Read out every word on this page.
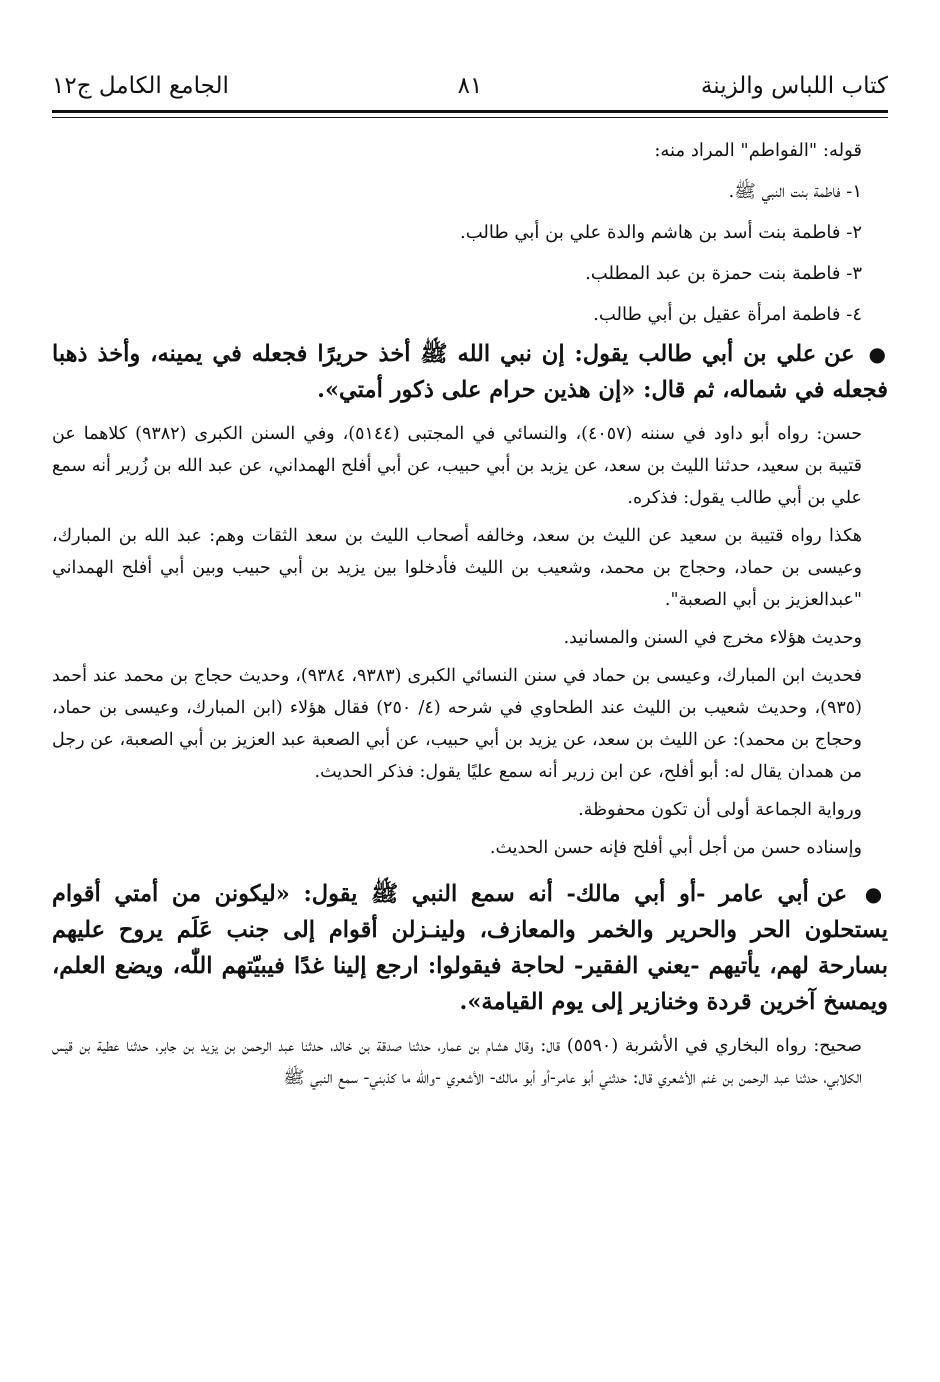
كتاب اللباس والزينة
٨١
الجامع الكامل ج١٢

قوله: "الفواطم" المراد منه:

١- فاطمة بنت النبي ﷺ.

٢- فاطمة بنت أسد بن هاشم والدة علي بن أبي طالب.

٣- فاطمة بنت حمزة بن عبد المطلب.

٤- فاطمة امرأة عقيل بن أبي طالب.

● عن علي بن أبي طالب يقول: إن نبي الله ﷺ أخذ حريرًا فجعله في يمينه، وأخذ ذهبا فجعله في شماله، ثم قال: «إن هذين حرام على ذكور أمتي».

حسن: رواه أبو داود في سننه (٤٠٥٧)، والنسائي في المجتبى (٥١٤٤)، وفي السنن الكبرى (٩٣٨٢) كلاهما عن قتيبة بن سعيد، حدثنا الليث بن سعد، عن يزيد بن أبي حبيب، عن أبي أفلح الهمداني، عن عبد الله بن زُرير أنه سمع علي بن أبي طالب يقول: فذكره.

هكذا رواه قتيبة بن سعيد عن الليث بن سعد، وخالفه أصحاب الليث بن سعد الثقات وهم: عبد الله بن المبارك، وعيسى بن حماد، وحجاج بن محمد، وشعيب بن الليث فأدخلوا بين يزيد بن أبي حبيب وبين أبي أفلح الهمداني "عبدالعزيز بن أبي الصعبة".

وحديث هؤلاء مخرج في السنن والمسانيد.

فحديث ابن المبارك، وعيسى بن حماد في سنن النسائي الكبرى (٩٣٨٣، ٩٣٨٤)، وحديث حجاج بن محمد عند أحمد (٩٣٥)، وحديث شعيب بن الليث عند الطحاوي في شرحه (٤/ ٢٥٠) فقال هؤلاء (ابن المبارك، وعيسى بن حماد، وحجاج بن محمد): عن الليث بن سعد، عن يزيد بن أبي حبيب، عن أبي الصعبة عبد العزيز بن أبي الصعبة، عن رجل من همدان يقال له: أبو أفلح، عن ابن زرير أنه سمع عليًا يقول: فذكر الحديث.

ورواية الجماعة أولى أن تكون محفوظة.

وإسناده حسن من أجل أبي أفلح فإنه حسن الحديث.

● عن أبي عامر -أو أبي مالك- أنه سمع النبي ﷺ يقول: «ليكونن من أمتي أقوام يستحلون الحر والحرير والخمر والمعازف، ولينـزلن أقوام إلى جنب عَلَم يروح عليهم بسارحة لهم، يأتيهم -يعني الفقير- لحاجة فيقولوا: ارجع إلينا غدًا فيبيّتهم اللّٰه، ويضع العلم، ويمسخ آخرين قردة وخنازير إلى يوم القيامة».

صحيح: رواه البخاري في الأشربة (٥٥٩٠) قال: وقال هشام بن عمار، حدثنا صدقة بن خالد، حدثنا عبد الرحمن بن يزيد بن جابر، حدثنا عطية بن قيس الكلابي، حدثنا عبد الرحمن بن غنم الأشعري قال: حدثني أبو عامر-أو أبو مالك- الأشعري -والله ما كذبني- سمع النبي ﷺ
